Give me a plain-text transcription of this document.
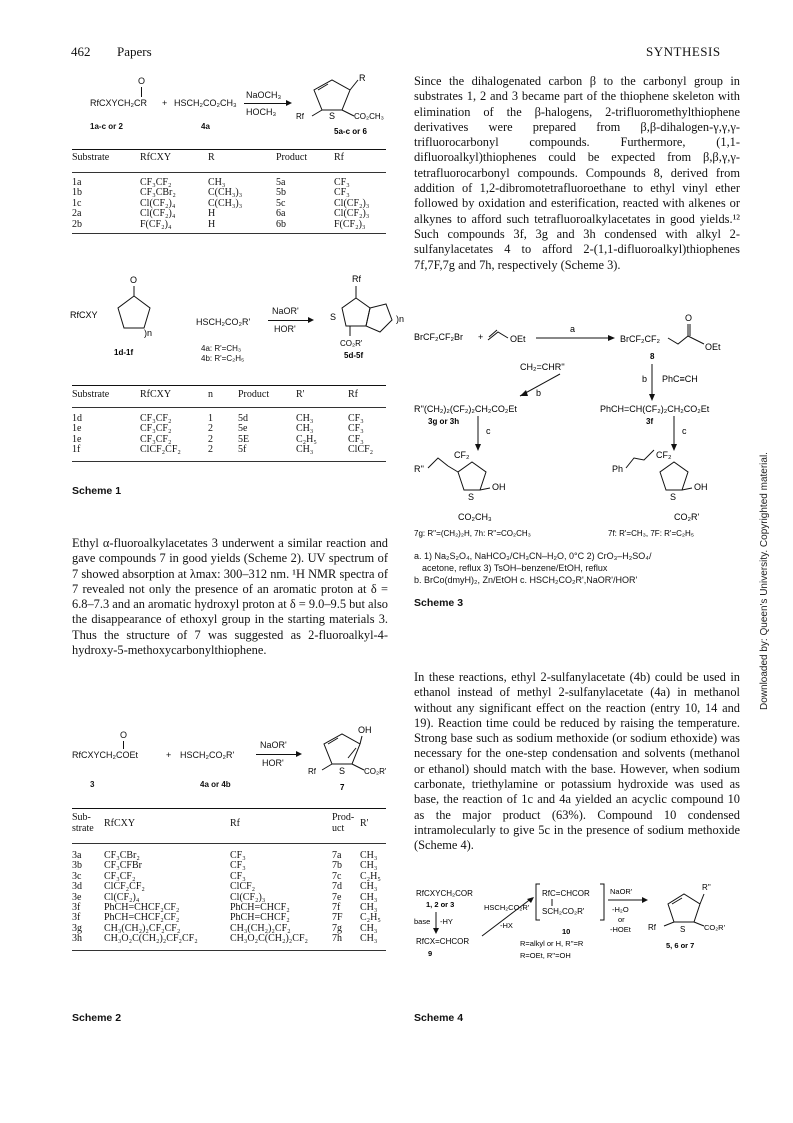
462 Papers	SYNTHESIS
Downloaded by: Queen's University. Copyrighted material.
O
RfCXYCH₂CR + HSCH₂CO₂CH₃
NaOCH₃
HOCH₃
1a-c or 2	4a
R
S CO₂CH₃
Rf
5a-c or 6
Substrate	RfCXY	R	Product	Rf
1a	CF₃CF₂	CH₃	5a	CF₃
1b	CF₃CBr₂	C(CH₃)₃	5b	CF₃
1c	Cl(CF₂)₄	C(CH₃)₃	5c	Cl(CF₂)₃
2a	Cl(CF₂)₄	H	6a	Cl(CF₂)₃
2b	F(CF₂)₄	H	6b	F(CF₂)₃
O
RfCXY
)n
1d-1f
HSCH₂CO₂R'
4a: R'=CH₃
4b: R'=C₂H₅
NaOR'
HOR'
Rf
S	)n
CO₂R'
5d-5f
Substrate	RfCXY	n	Product	R'	Rf
1d	CF₃CF₂	1	5d	CH₃	CF₃
1e	CF₃CF₂	2	5e	CH₃	CF₃
1e	CF₃CF₂	2	5E	C₂H₅	CF₃
1f	ClCF₂CF₂	2	5f	CH₃	ClCF₂
Scheme 1

Ethyl α-fluoroalkylacetates 3 underwent a similar reaction and gave compounds 7 in good yields (Scheme 2). UV spectrum of 7 showed absorption at λmax: 300–312 nm. ¹H NMR spectra of 7 revealed not only the presence of an aromatic proton at δ = 6.8–7.3 and an aromatic hydroxyl proton at δ = 9.0–9.5 but also the disappearance of ethoxyl group in the starting materials 3. Thus the structure of 7 was suggested as 2-fluoroalkyl-4-hydroxy-5-methoxycarbonylthiophene.

O
RfCXYCH₂COEt	+ HSCH₂CO₂R'
NaOR'
HOR'
3	4a or 4b
OH
S CO₂R'
Rf
7
Sub- strate	RfCXY	Rf	Prod- uct	R'
3a	CF₃CBr₂	CF₃	7a	CH₃
3b	CF₃CFBr	CF₃	7b	CH₃
3c	CF₃CF₂	CF₃	7c	C₂H₅
3d	ClCF₂CF₂	ClCF₂	7d	CH₃
3e	Cl(CF₂)₄	Cl(CF₂)₃	7e	CH₃
3f	PhCH=CHCF₂CF₂	PhCH=CHCF₂	7f	CH₃
3f	PhCH=CHCF₂CF₂	PhCH=CHCF₂	7F	C₂H₅
3g	CH₃(CH₂)₂CF₂CF₂	CH₃(CH₂)₂CF₂	7g	CH₃
3h	CH₃O₂C(CH₂)₂CF₂CF₂	CH₃O₂C(CH₂)₂CF₂	7h	CH₃
Scheme 2

Since the dihalogenated carbon β to the carbonyl group in substrates 1, 2 and 3 became part of the thiophene skeleton with elimination of the β-halogens, 2-trifluoromethylthiophene derivatives were prepared from β,β-dihalogen-γ,γ,γ-trifluorocarbonyl compounds. Furthermore, (1,1-difluoroalkyl)thiophenes could be expected from β,β,γ,γ-tetrafluorocarbonyl compounds. Compounds 8, derived from addition of 1,2-dibromotetrafluoroethane to ethyl vinyl ether followed by oxidation and esterification, reacted with alkenes or alkynes to afford such tetrafluoroalkylacetates in good yields.¹² Such compounds 3f, 3g and 3h condensed with alkyl 2-sulfanylacetates 4 to afford 2-(1,1-difluoroalkyl)thiophenes 7f,7F,7g and 7h, respectively (Scheme 3).

BrCF₂CF₂Br +	OEt
a
BrCF₂CF₂
O
OEt
8
CH₂=CHR''
b
b PhC≡CH
R''(CH₂)₂(CF₂)₂CH₂CO₂Et
3g or 3h
PhCH=CH(CF₂)₂CH₂CO₂Et
3f
c	c
R''
CF₂
S
OH
CO₂CH₃
7g: R''=(CH₂)₂H, 7h: R''=CO₂CH₃
Ph
CF₂
S
OH
CO₂R'
7f: R'=CH₃, 7F: R'=C₂H₅
a. 1) Na₂S₂O₄, NaHCO₃/CH₃CN–H₂O, 0°C 2) CrO₃–H₂SO₄/
acetone, reflux 3) TsOH–benzene/EtOH, reflux
b. BrCo(dmyH)₂, Zn/EtOH c. HSCH₂CO₂R',NaOR'/HOR'
Scheme 3

In these reactions, ethyl 2-sulfanylacetate (4b) could be used in ethanol instead of methyl 2-sulfanylacetate (4a) in methanol without any significant effect on the reaction (entry 10, 14 and 19). Reaction time could be reduced by raising the temperature. Strong base such as sodium methoxide (or sodium ethoxide) was necessary for the one-step condensation and solvents (methanol or ethanol) should match with the base. However, when sodium carbonate, triethylamine or potassium hydroxide was used as base, the reaction of 1c and 4a yielded an acyclic compound 10 as the major product (63%). Compound 10 condensed intramolecularly to give 5c in the presence of sodium methoxide (Scheme 4).

RfCXYCH₂COR
1, 2 or 3
base -HY
RfCX=CHCOR
9
HSCH₂CO₂R'
-HX
RfC=CHCOR
SCH₂CO₂R'
10
NaOR'
-H₂O
or
-HOEt
R''
Rf	S CO₂R'
5, 6 or 7
R=alkyl or H, R''=R
R=OEt, R''=OH
Scheme 4
